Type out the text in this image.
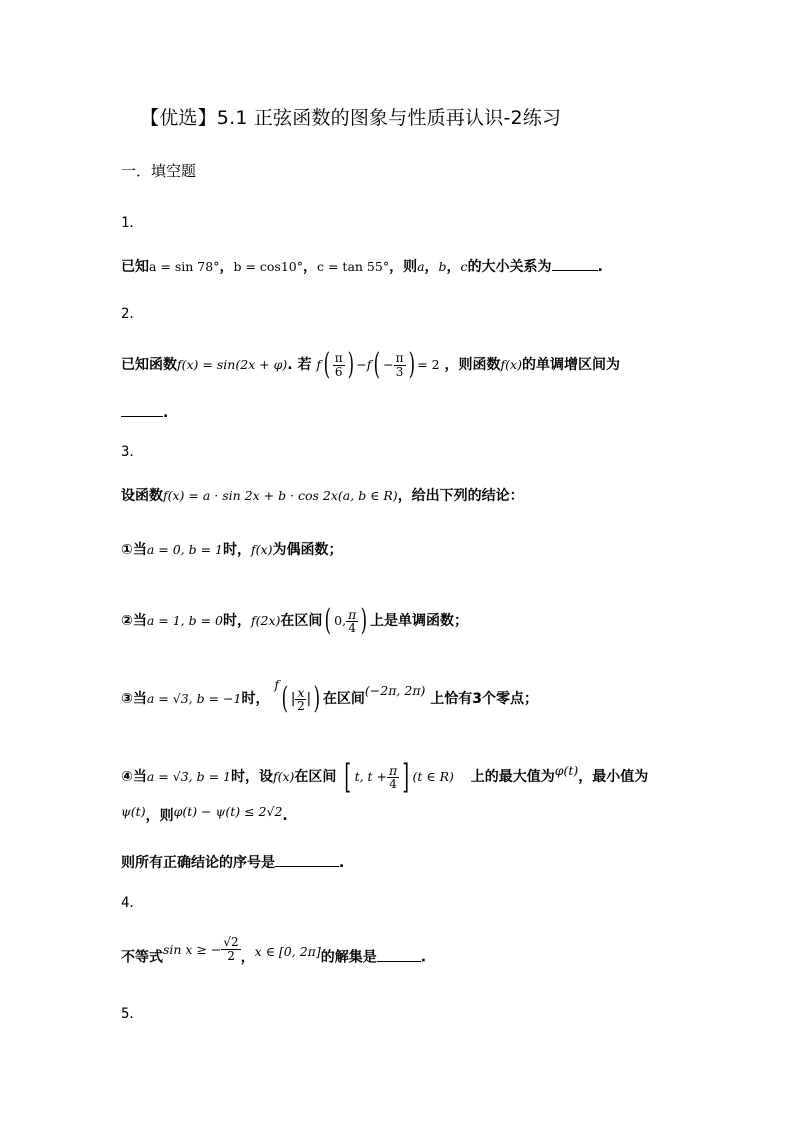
【优选】5.1 正弦函数的图象与性质再认识-2练习
一．填空题
1．
已知a = sin 78°，b = cos10°，c = tan 55°，则a，b，c的大小关系为	.
2．
已知函数f(x) = sin(2x + φ). 若 $f( \frac{\pi}{6}$ ) $-f( - \frac{\pi}{3}$ ) = 2 ，则函数f(x)的单调增区间为
.
3．
设函数f(x) = a · sin 2x + b · cos 2x(a, b ∈ R)，给出下列的结论：
①当a = 0, b = 1时，f(x)为偶函数；
②当a = 1, b = 0时，f(2x)在区间( 0, $\frac{\pi}{4}$ ) 上是单调函数；
③当a = √3, b = −1时， f( | $\frac{x}{2}$ |) 在区间(−2π, 2π) 上恰有3个零点；
④当a = √3, b = 1时，设f(x)在区间 [ t, $t + \frac{\pi}{4}$ ] (t ∈ R) 上的最大值为φ(t)，最小值为
ψ(t)，则φ(t) − ψ(t) ≤ 2√2.
则所有正确结论的序号是	.
4．
不等式sin x ≥ − $\frac{√2}{2}$ ，x ∈ [0, 2π]的解集是	.
5．
